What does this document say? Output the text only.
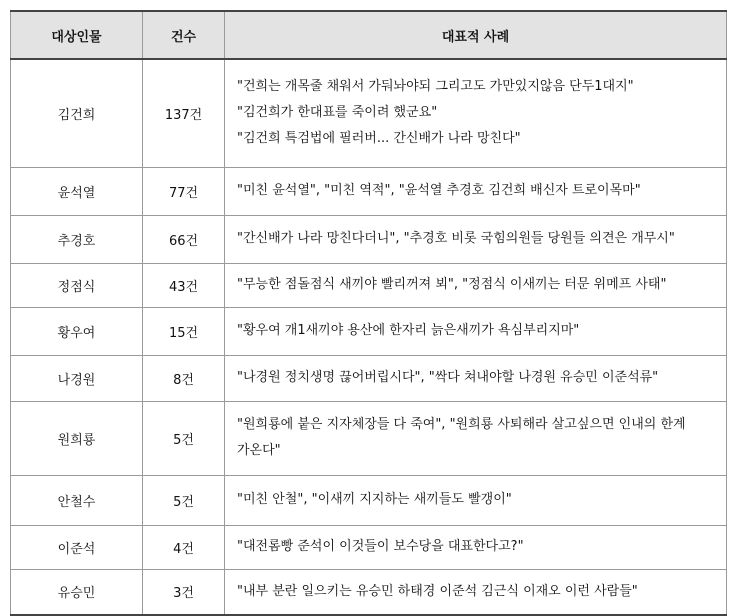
대상인물	건수	대표적 사례
김건희	137건	"건희는 개목줄 채워서 가둬놔야되 그리고도 가만있지않음 단두1대지"
"김건희가 한대표를 죽이려 했군요"
"김건희 특검법에 필러버... 간신배가 나라 망친다"

윤석열	77건	"미친 윤석열", "미친 역적", "윤석열 추경호 김건희 배신자 트로이목마"

추경호	66건	"간신배가 나라 망친다더니", "추경호 비롯 국힘의원들 당원들 의견은 개무시"

정점식	43건	"무능한 점돌점식 새끼야 빨리꺼져 뵈", "정점식 이새끼는 터문 위메프 사태"

황우여	15건	"황우여 개1새끼야 용산에 한자리 늙은새끼가 욕심부리지마"

나경원	8건	"나경원 정치생명 끊어버립시다", "싹다 쳐내야할 나경원 유승민 이준석류"

원희룡	5건	"원희룡에 붙은 지자체장들 다 죽여", "원희룡 사퇴해라 살고싶으면 인내의 한계
가온다"

안철수	5건	"미친 안철", "이새끼 지지하는 새끼들도 빨갱이"

이준석	4건	"대전롬빵 준석이 이것들이 보수당을 대표한다고?"

유승민	3건	"내부 분란 일으키는 유승민 하태경 이준석 김근식 이재오 이런 사람들"
